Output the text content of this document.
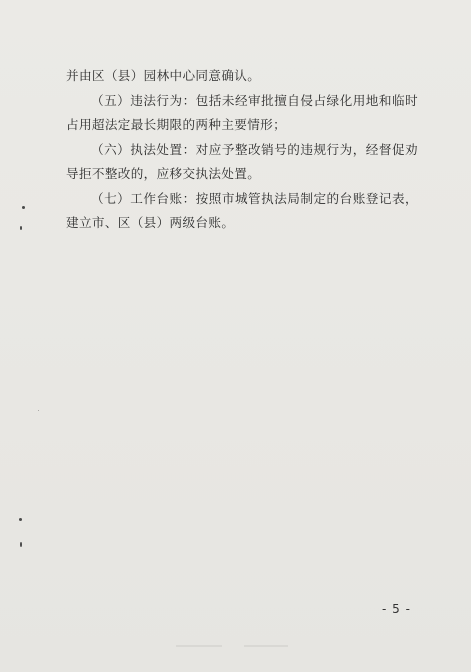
并由区（县）园林中心同意确认。

（五）违法行为：包括未经审批擅自侵占绿化用地和临时占用超法定最长期限的两种主要情形；

（六）执法处置：对应予整改销号的违规行为，经督促劝导拒不整改的，应移交执法处置。

（七）工作台账：按照市城管执法局制定的台账登记表，建立市、区（县）两级台账。

- 5 -
